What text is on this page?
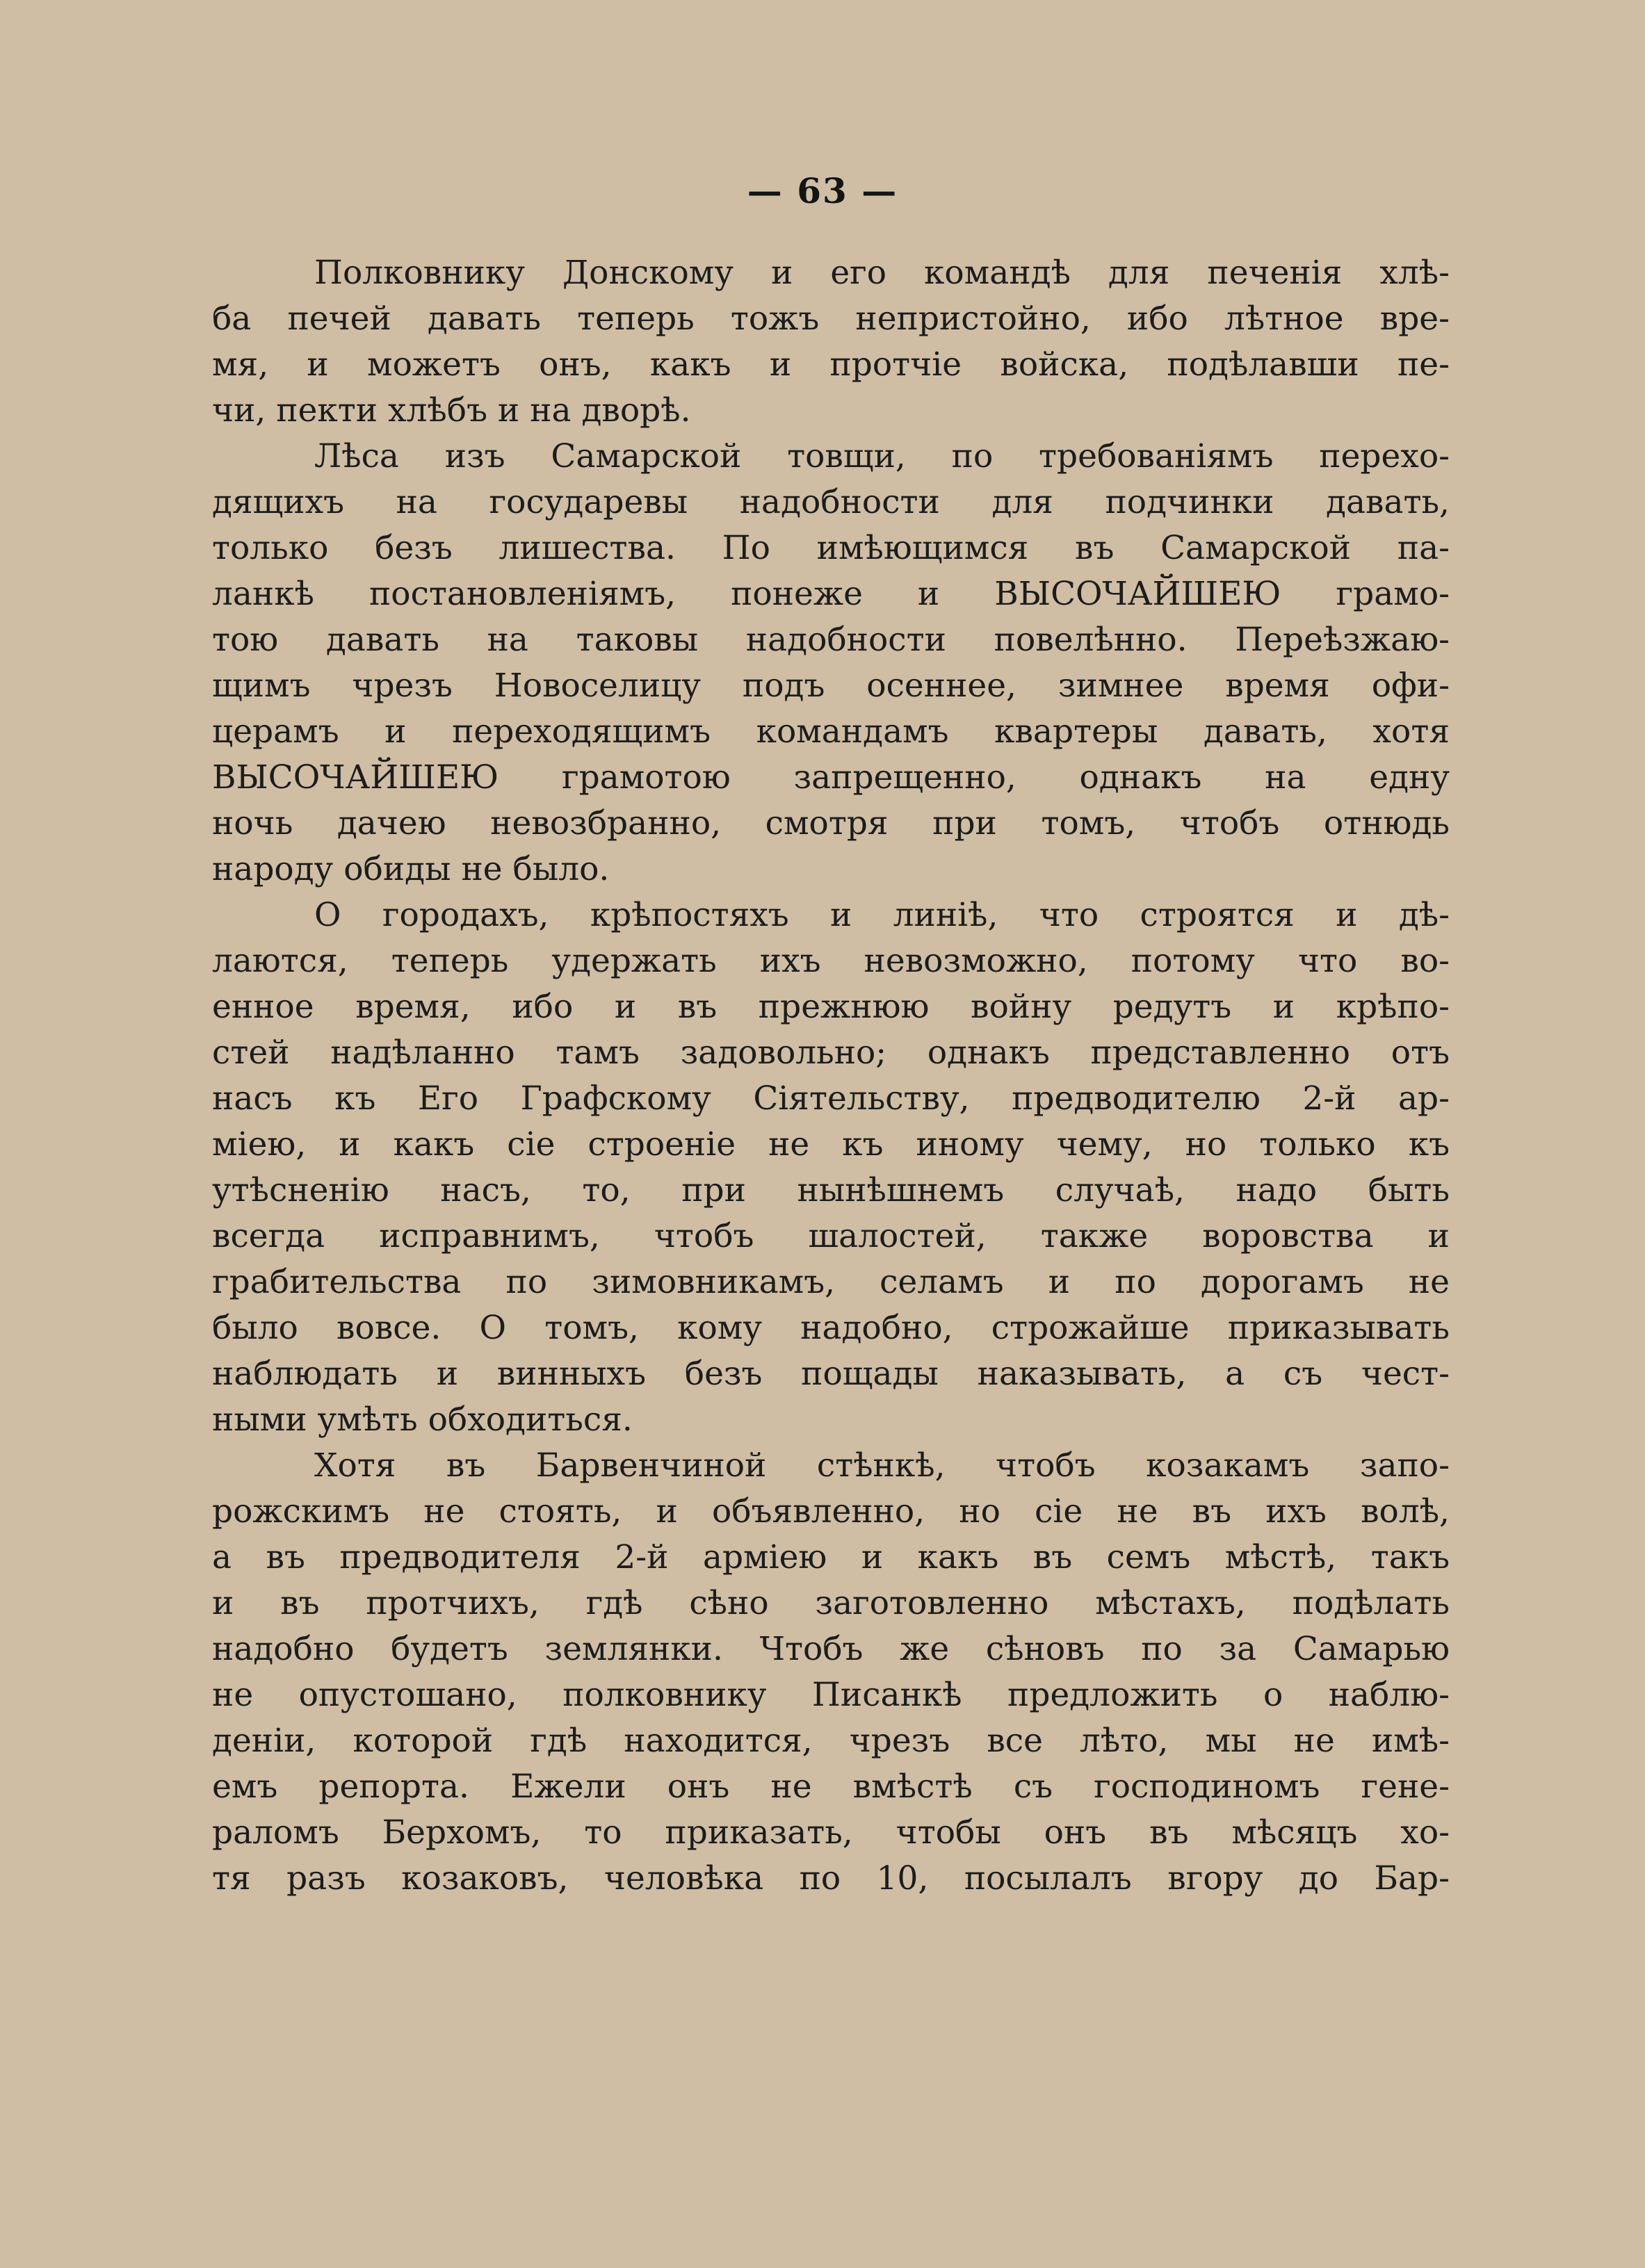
— 63 —
Полковнику Донскому и его командѣ для печенія хлѣ-
ба печей давать теперь тожъ непристойно, ибо лѣтное вре-
мя, и можетъ онъ, какъ и протчіе войска, подѣлавши пе-
чи, пекти хлѣбъ и на дворѣ.
Лѣса изъ Самарской товщи, по требованіямъ перехо-
дящихъ на государевы надобности для подчинки давать,
только безъ лишества. По имѣющимся въ Самарской па-
ланкѣ постановленіямъ, понеже и ВЫСОЧАЙШЕЮ грамо-
тою давать на таковы надобности повелѣнно. Переѣзжаю-
щимъ чрезъ Новоселицу подъ осеннее, зимнее время офи-
церамъ и переходящимъ командамъ квартеры давать, хотя
ВЫСОЧАЙШЕЮ грамотою запрещенно, однакъ на едну
ночь дачею невозбранно, смотря при томъ, чтобъ отнюдь
народу обиды не было.
О городахъ, крѣпостяхъ и линіѣ, что строятся и дѣ-
лаются, теперь удержать ихъ невозможно, потому что во-
енное время, ибо и въ прежнюю войну редутъ и крѣпо-
стей надѣланно тамъ задовольно; однакъ представленно отъ
насъ къ Его Графскому Сіятельству, предводителю 2-й ар-
міею, и какъ сіе строеніе не къ иному чему, но только къ
утѣсненію насъ, то, при нынѣшнемъ случаѣ, надо быть
всегда исправнимъ, чтобъ шалостей, также воровства и
грабительства по зимовникамъ, селамъ и по дорогамъ не
было вовсе. О томъ, кому надобно, строжайше приказывать
наблюдать и винныхъ безъ пощады наказывать, а съ чест-
ными умѣть обходиться.
Хотя въ Барвенчиной стѣнкѣ, чтобъ козакамъ запо-
рожскимъ не стоять, и объявленно, но сіе не въ ихъ волѣ,
а въ предводителя 2-й арміею и какъ въ семъ мѣстѣ, такъ
и въ протчихъ, гдѣ сѣно заготовленно мѣстахъ, подѣлать
надобно будетъ землянки. Чтобъ же сѣновъ по за Самарью
не опустошано, полковнику Писанкѣ предложить о наблю-
деніи, которой гдѣ находится, чрезъ все лѣто, мы не имѣ-
емъ репорта. Ежели онъ не вмѣстѣ съ господиномъ гене-
раломъ Берхомъ, то приказать, чтобы онъ въ мѣсяцъ хо-
тя разъ козаковъ, человѣка по 10, посылалъ вгору до Бар-
